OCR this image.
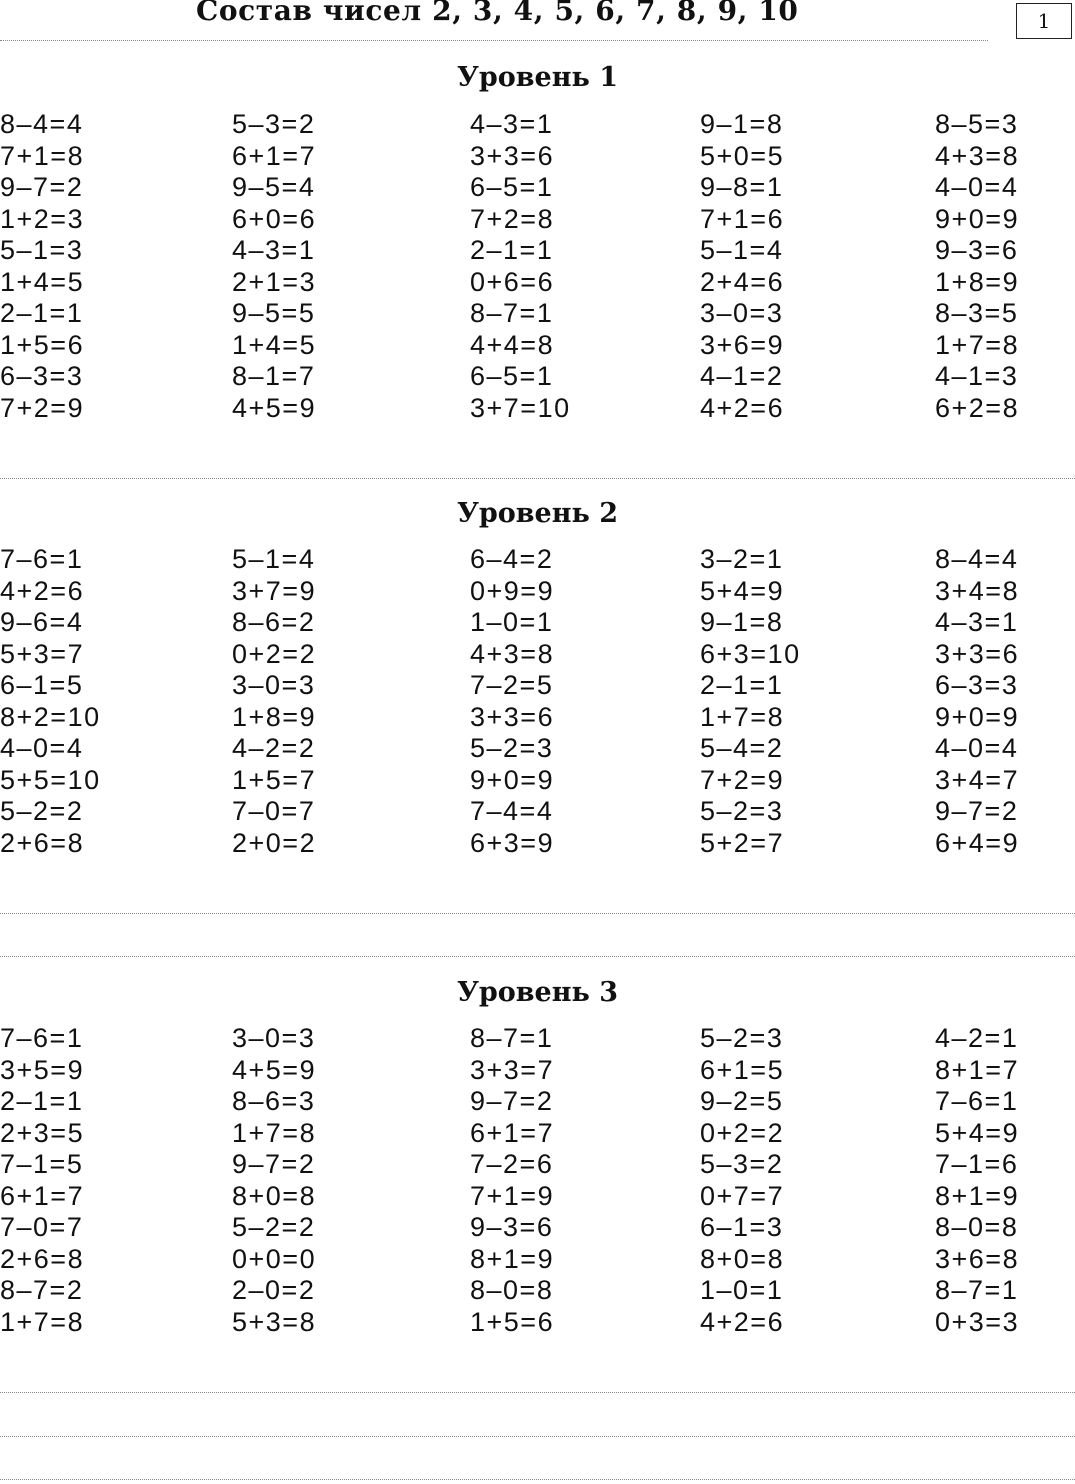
Состав чисел 2, 3, 4, 5, 6, 7, 8, 9, 10	1
Уровень 1
8–4=4
7+1=8
9–7=2
1+2=3
5–1=3
1+4=5
2–1=1
1+5=6
6–3=3
7+2=9
5–3=2
6+1=7
9–5=4
6+0=6
4–3=1
2+1=3
9–5=5
1+4=5
8–1=7
4+5=9
4–3=1
3+3=6
6–5=1
7+2=8
2–1=1
0+6=6
8–7=1
4+4=8
6–5=1
3+7=10
9–1=8
5+0=5
9–8=1
7+1=6
5–1=4
2+4=6
3–0=3
3+6=9
4–1=2
4+2=6
8–5=3
4+3=8
4–0=4
9+0=9
9–3=6
1+8=9
8–3=5
1+7=8
4–1=3
6+2=8
Уровень 2
7–6=1
4+2=6
9–6=4
5+3=7
6–1=5
8+2=10
4–0=4
5+5=10
5–2=2
2+6=8
5–1=4
3+7=9
8–6=2
0+2=2
3–0=3
1+8=9
4–2=2
1+5=7
7–0=7
2+0=2
6–4=2
0+9=9
1–0=1
4+3=8
7–2=5
3+3=6
5–2=3
9+0=9
7–4=4
6+3=9
3–2=1
5+4=9
9–1=8
6+3=10
2–1=1
1+7=8
5–4=2
7+2=9
5–2=3
5+2=7
8–4=4
3+4=8
4–3=1
3+3=6
6–3=3
9+0=9
4–0=4
3+4=7
9–7=2
6+4=9
Уровень 3
7–6=1
3+5=9
2–1=1
2+3=5
7–1=5
6+1=7
7–0=7
2+6=8
8–7=2
1+7=8
3–0=3
4+5=9
8–6=3
1+7=8
9–7=2
8+0=8
5–2=2
0+0=0
2–0=2
5+3=8
8–7=1
3+3=7
9–7=2
6+1=7
7–2=6
7+1=9
9–3=6
8+1=9
8–0=8
1+5=6
5–2=3
6+1=5
9–2=5
0+2=2
5–3=2
0+7=7
6–1=3
8+0=8
1–0=1
4+2=6
4–2=1
8+1=7
7–6=1
5+4=9
7–1=6
8+1=9
8–0=8
3+6=8
8–7=1
0+3=3
